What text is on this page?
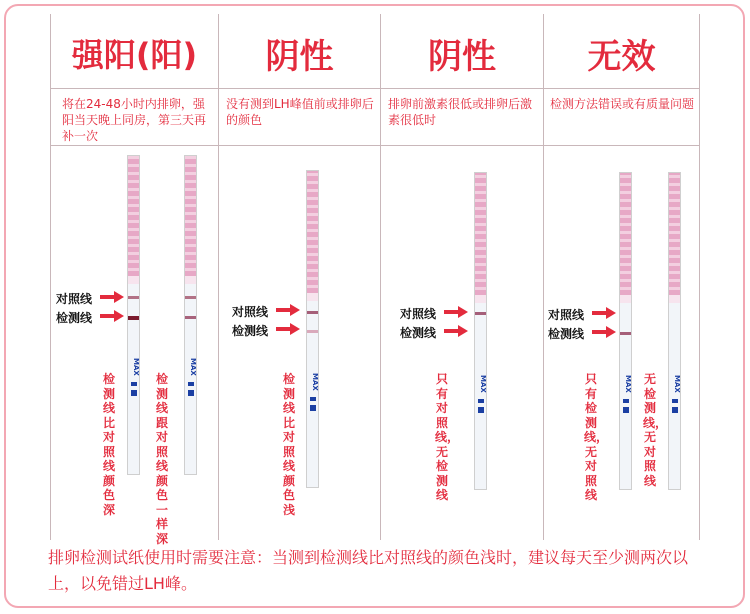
强阳(阳)	阴性	阴性	无效
将在24-48小时内排卵，强阳当天晚上同房，第三天再补一次
没有测到LH峰值前或排卵后的颜色
排卵前激素很低或排卵后激素很低时
检测方法错误或有质量问题
对照线
检测线
MAX	MAX
检测线比对照线颜色深
检测线跟对照线颜色一样深
对照线
检测线
MAX
检测线比对照线颜色浅
对照线
检测线
MAX
只有对照线，无检测线
对照线
检测线
MAX	MAX
只有检测线，无对照线
无检测线，无对照线
排卵检测试纸使用时需要注意：当测到检测线比对照线的颜色浅时，建议每天至少测两次以上，以免错过LH峰。
